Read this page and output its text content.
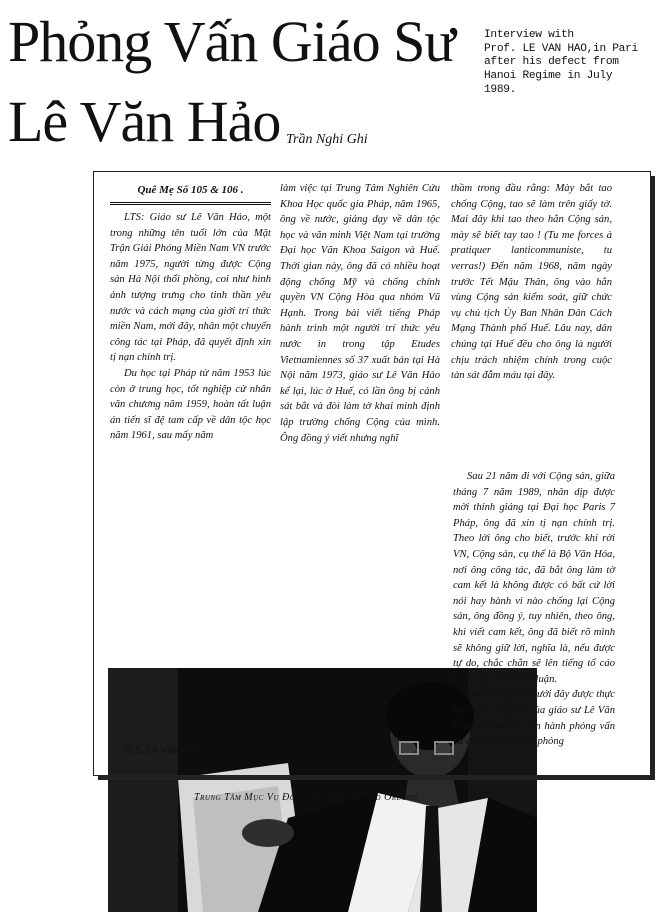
Phỏng Vấn Giáo Sư
Lê Văn Hảo Trần Nghi Ghi
Interview with
Prof. LE VAN HAO,in Pari
after his defect from
Hanoi Regime in July
1989.
Quê Mẹ Số 105 & 106 .

LTS: Giáo sư Lê Văn Hảo, một trong những tên tuổi lớn của Mặt Trận Giải Phóng Miền Nam VN trước năm 1975, người từng được Cộng sản Hà Nội thổi phồng, coi như hình ảnh tượng trưng cho tinh thần yêu nước và cách mạng của giới trí thức miền Nam, mới đây, nhân một chuyến công tác tại Pháp, đã quyết định xin tị nạn chính trị.

Du học tại Pháp từ năm 1953 lúc còn ở trung học, tốt nghiệp cử nhân văn chương năm 1959, hoàn tất luận án tiến sĩ đệ tam cấp về dân tộc học năm 1961, sau mấy năm

làm việc tại Trung Tâm Nghiên Cứu Khoa Học quốc gia Pháp, năm 1965, ông về nước, giảng dạy về dân tộc học và văn minh Việt Nam tại trường Đại học Văn Khoa Saigon và Huế. Thời gian này, ông đã có nhiều hoạt động chống Mỹ và chống chính quyền VN Cộng Hòa qua nhóm Vũ Hạnh. Trong bài viết tiếng Pháp hành trình một người trí thức yêu nước in trong tập Etudes Vietnamiennes số 37 xuất bản tại Hà Nội năm 1973, giáo sư Lê Văn Hảo kể lại, lúc ở Huế, có lần ông bị cảnh sát bắt và đòi làm tờ khai minh định lập trường chống Cộng của mình. Ông đồng ý viết nhưng nghĩ

thầm trong đầu rằng: Mày bắt tao chống Cộng, tao sẽ làm trên giấy tờ. Mai đây khi tao theo hẳn Cộng sản, mày sẽ biết tay tao ! (Tu me forces à pratiquer lanticommuniste, tu verras!) Đến năm 1968, năm ngày trước Tết Mậu Thân, ông vào hẳn vùng Cộng sản kiểm soát, giữ chức vụ chủ tịch Ủy Ban Nhân Dân Cách Mạng Thành phố Huế. Lâu nay, dân chúng tại Huế đều cho ông là người chịu trách nhiệm chính trong cuộc tàn sát đẫm máu tại đây.

Sau 21 năm đi với Cộng sản, giữa tháng 7 năm 1989, nhân dịp được mời thỉnh giảng tại Đại học Paris 7 Pháp, ông đã xin tị nạn chính trị. Theo lời ông cho biết, trước khi rời VN, Cộng sản, cụ thể là Bộ Văn Hóa, nơi ông công tác, đã bắt ông làm tờ cam kết là không được có bất cứ lời nói hay hành vi nào chống lại Cộng sản, ông đồng ý, tuy nhiên, theo ông, khi viết cam kết, ông đã biết rõ mình sẽ không giữ lời, nghĩa là, nếu được tự do, chắc chắn sẽ lên tiếng tố cáo Cộng sản trước dư luận.

Bài phỏng vấn dưới đây được thực hiện với sự gợi ý của giáo sư Lê Văn Hảo. Chúng tôi tiến hành phỏng vấn và cho đăng tải bài phỏng

G.S. Lê Văn Hảo
Trung Tâm Mục Vụ Đông Nam Á Portland Oregon
